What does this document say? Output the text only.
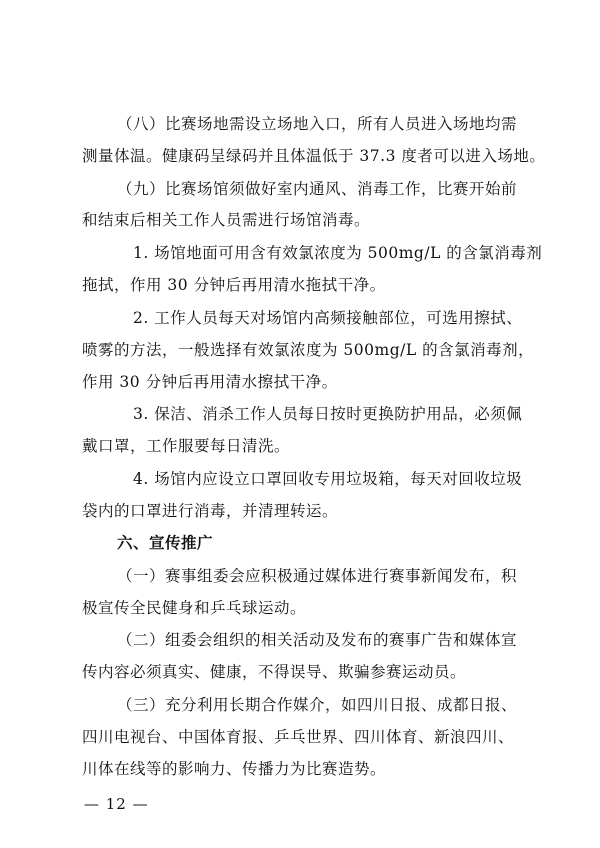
（八）比赛场地需设立场地入口，所有人员进入场地均需
测量体温。健康码呈绿码并且体温低于 37.3 度者可以进入场地。
（九）比赛场馆须做好室内通风、消毒工作，比赛开始前
和结束后相关工作人员需进行场馆消毒。
1. 场馆地面可用含有效氯浓度为 500mg/L 的含氯消毒剂
拖拭，作用 30 分钟后再用清水拖拭干净。
2. 工作人员每天对场馆内高频接触部位，可选用擦拭、
喷雾的方法，一般选择有效氯浓度为 500mg/L 的含氯消毒剂，
作用 30 分钟后再用清水擦拭干净。
3. 保洁、消杀工作人员每日按时更换防护用品，必须佩
戴口罩，工作服要每日清洗。
4. 场馆内应设立口罩回收专用垃圾箱，每天对回收垃圾
袋内的口罩进行消毒，并清理转运。
六、宣传推广
（一）赛事组委会应积极通过媒体进行赛事新闻发布，积
极宣传全民健身和乒乓球运动。
（二）组委会组织的相关活动及发布的赛事广告和媒体宣
传内容必须真实、健康，不得误导、欺骗参赛运动员。
（三）充分利用长期合作媒介，如四川日报、成都日报、
四川电视台、中国体育报、乒乓世界、四川体育、新浪四川、
川体在线等的影响力、传播力为比赛造势。
— 12 —
